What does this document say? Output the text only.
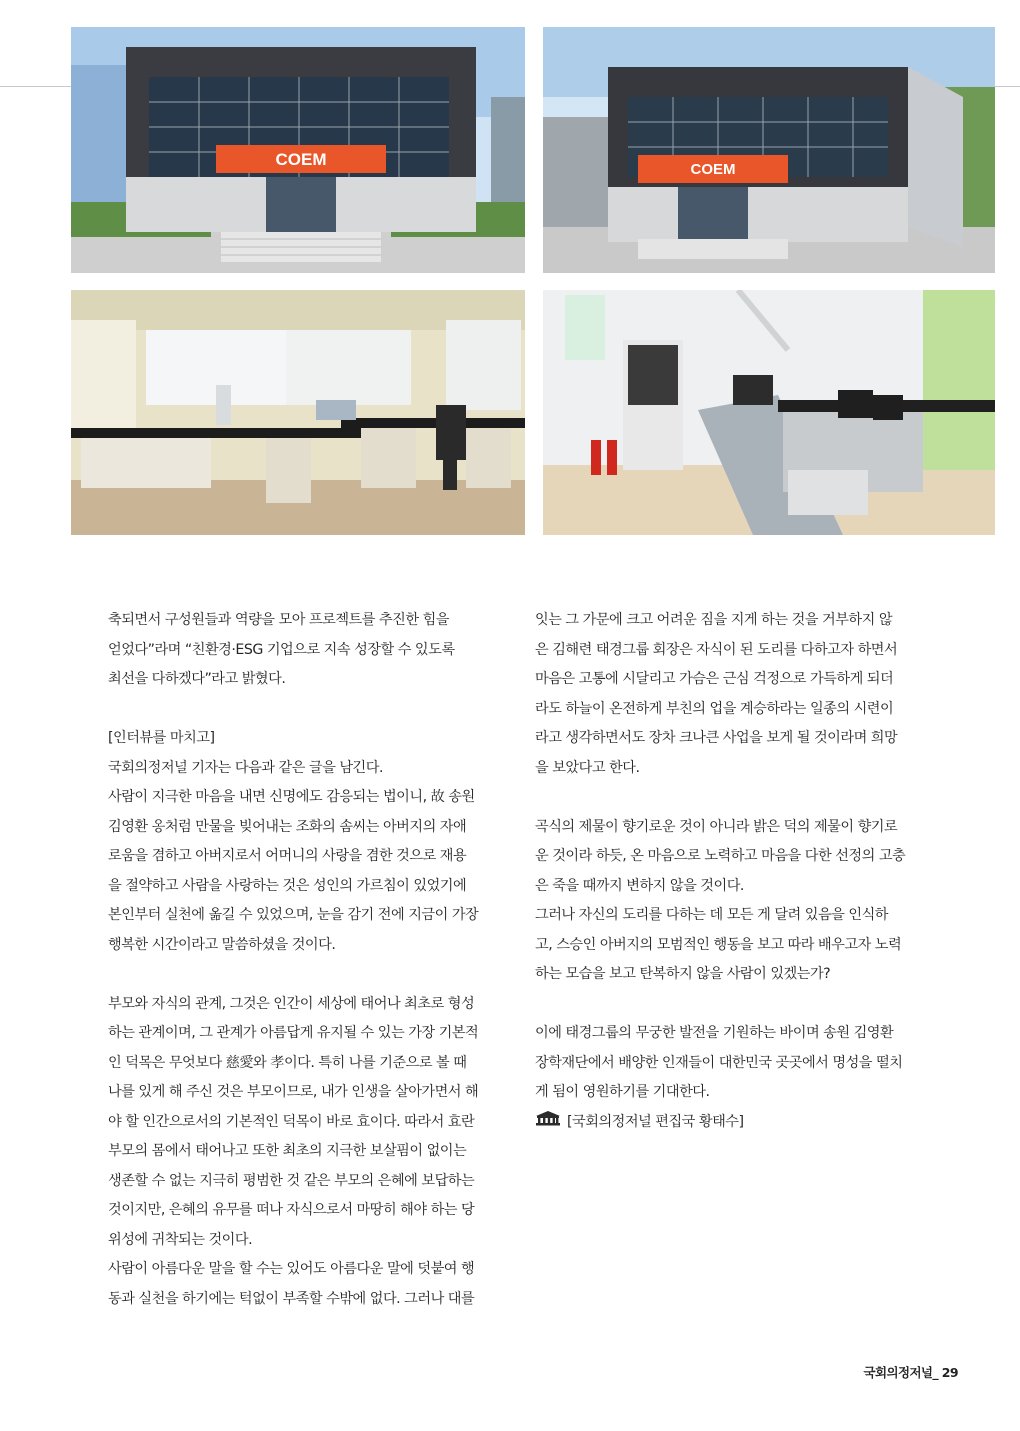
COEM
COEM

축되면서 구성원들과 역량을 모아 프로젝트를 추진한 힘을

얻었다”라며 “친환경·ESG 기업으로 지속 성장할 수 있도록

최선을 다하겠다”라고 밝혔다.

[인터뷰를 마치고]

국회의정저널 기자는 다음과 같은 글을 남긴다.

사람이 지극한 마음을 내면 신명에도 감응되는 법이니, 故 송원

김영환 옹처럼 만물을 빚어내는 조화의 솜씨는 아버지의 자애

로움을 겸하고 아버지로서 어머니의 사랑을 겸한 것으로 재용

을 절약하고 사람을 사랑하는 것은 성인의 가르침이 있었기에

본인부터 실천에 옮길 수 있었으며, 눈을 감기 전에 지금이 가장

행복한 시간이라고 말씀하셨을 것이다.

부모와 자식의 관계, 그것은 인간이 세상에 태어나 최초로 형성

하는 관계이며, 그 관계가 아름답게 유지될 수 있는 가장 기본적

인 덕목은 무엇보다 慈愛와 孝이다. 특히 나를 기준으로 볼 때

나를 있게 해 주신 것은 부모이므로, 내가 인생을 살아가면서 해

야 할 인간으로서의 기본적인 덕목이 바로 효이다. 따라서 효란

부모의 몸에서 태어나고 또한 최초의 지극한 보살핌이 없이는

생존할 수 없는 지극히 평범한 것 같은 부모의 은혜에 보답하는

것이지만, 은혜의 유무를 떠나 자식으로서 마땅히 해야 하는 당

위성에 귀착되는 것이다.

사람이 아름다운 말을 할 수는 있어도 아름다운 말에 덧붙여 행

동과 실천을 하기에는 턱없이 부족할 수밖에 없다. 그러나 대를

잇는 그 가문에 크고 어려운 짐을 지게 하는 것을 거부하지 않

은 김해련 태경그룹 회장은 자식이 된 도리를 다하고자 하면서

마음은 고통에 시달리고 가슴은 근심 걱정으로 가득하게 되더

라도 하늘이 온전하게 부친의 업을 계승하라는 일종의 시련이

라고 생각하면서도 장차 크나큰 사업을 보게 될 것이라며 희망

을 보았다고 한다.

곡식의 제물이 향기로운 것이 아니라 밝은 덕의 제물이 향기로

운 것이라 하듯, 온 마음으로 노력하고 마음을 다한 선정의 고충

은 죽을 때까지 변하지 않을 것이다.

그러나 자신의 도리를 다하는 데 모든 게 달려 있음을 인식하

고, 스승인 아버지의 모범적인 행동을 보고 따라 배우고자 노력

하는 모습을 보고 탄복하지 않을 사람이 있겠는가?

이에 태경그룹의 무궁한 발전을 기원하는 바이며 송원 김영환

장학재단에서 배양한 인재들이 대한민국 곳곳에서 명성을 떨치

게 됨이 영원하기를 기대한다.

[국회의정저널 편집국 황태수]

국회의정저널_ 29
